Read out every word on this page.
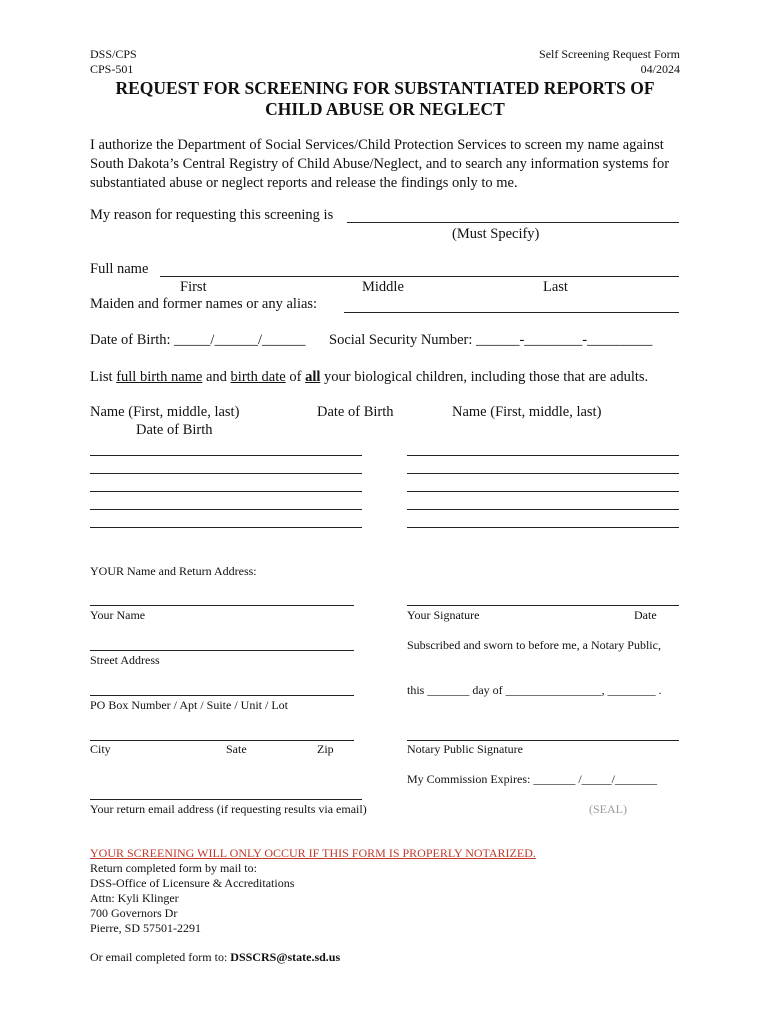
DSS/CPS
CPS-501
Self Screening Request Form
04/2024
REQUEST FOR SCREENING FOR SUBSTANTIATED REPORTS OF
CHILD ABUSE OR NEGLECT
I authorize the Department of Social Services/Child Protection Services to screen my name against South Dakota’s Central Registry of Child Abuse/Neglect, and to search any information systems for substantiated abuse or neglect reports and release the findings only to me.
My reason for requesting this screening is
(Must Specify)
Full name
First	Middle	Last
Maiden and former names or any alias:
Date of Birth: _____/______/______ Social Security Number: ______-________-_________
List full birth name and birth date of all your biological children, including those that are adults.
Name (First, middle, last)	Date of Birth	Name (First, middle, last)
Date of Birth
YOUR Name and Return Address:
Your Name
Street Address
PO Box Number / Apt / Suite / Unit / Lot
City	Sate	Zip
Your return email address (if requesting results via email)
Your Signature	Date
Subscribed and sworn to before me, a Notary Public,
this _______ day of ________________, ________ .
Notary Public Signature
My Commission Expires: _______ /_____/_______
(SEAL)
YOUR SCREENING WILL ONLY OCCUR IF THIS FORM IS PROPERLY NOTARIZED.
Return completed form by mail to:
DSS-Office of Licensure & Accreditations
Attn: Kyli Klinger
700 Governors Dr
Pierre, SD 57501-2291
Or email completed form to: DSSCRS@state.sd.us
